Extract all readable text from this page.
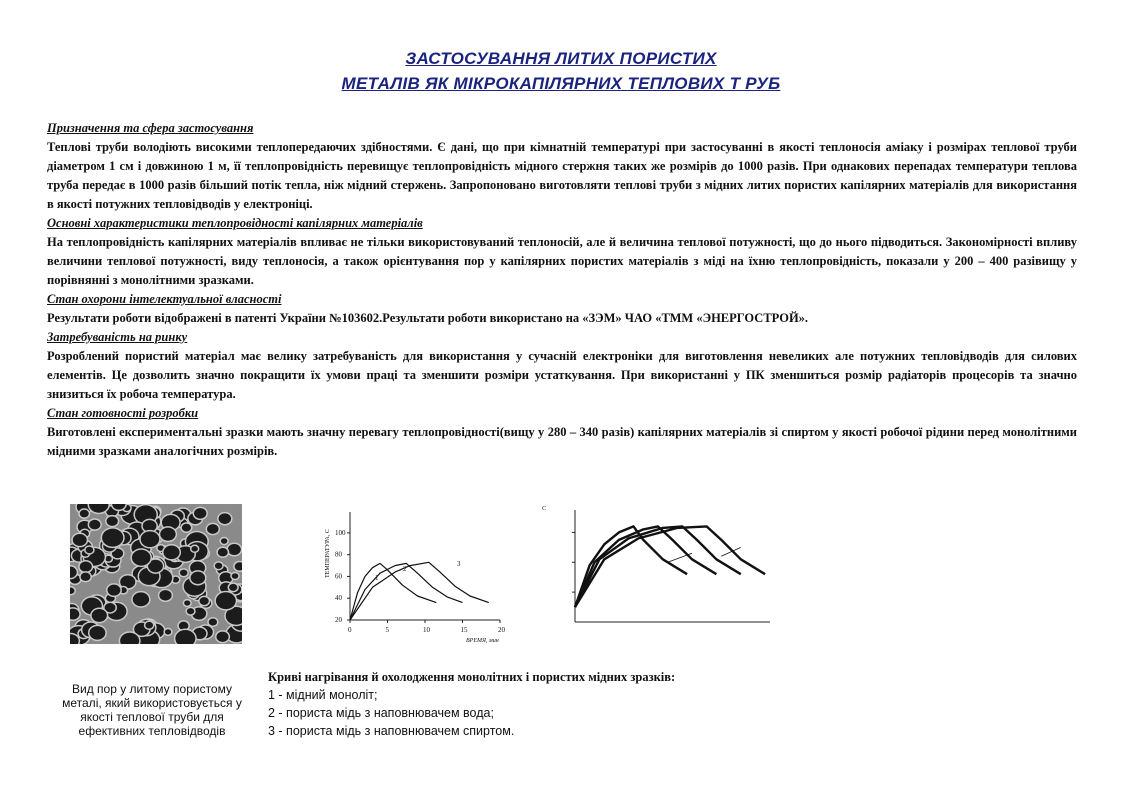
ЗАСТОСУВАННЯ ЛИТИХ ПОРИСТИХ
МЕТАЛІВ ЯК МІКРОКАПІЛЯРНИХ ТЕПЛОВИХ Т РУБ
Призначення та сфера застосування

Теплові труби володіють високими теплопередаючих здібностями. Є дані, що при кімнатній температурі при застосуванні в якості теплоносія аміаку і розмірах теплової труби діаметром 1 см і довжиною 1 м, її теплопровідність перевищує теплопровідність мідного стержня таких же розмірів до 1000 разів. При однакових перепадах температури теплова труба передає в 1000 разів більший потік тепла, ніж мідний стержень. Запропоновано виготовляти теплові труби з мідних литих пористих капілярних матеріалів для використання в якості потужних тепловідводів у електроніці.

Основні характеристики теплопровідності капілярних матеріалів

На теплопровідність капілярних матеріалів впливає не тільки використовуваний теплоносій, але й величина теплової потужності, що до нього підводиться. Закономірності впливу величини теплової потужності, виду теплоносія, а також орієнтування пор у капілярних пористих матеріалів з міді на їхню теплопровідність, показали у 200 – 400 разівищу у порівнянні з монолітними зразками.

Стан охорони інтелектуальної власності

Результати роботи відображені в патенті України №103602.Результати роботи використано на «ЗЭМ» ЧАО «ТММ «ЭНЕРГОСТРОЙ».

Затребуваність на ринку

Розроблений пористий матеріал має велику затребуваність для використання у сучасній електроніки для виготовлення невеликих але потужних тепловідводів для силових елементів. Це дозволить значно покращити їх умови праці та зменшити розміри устаткування. При використанні у ПК зменшиться розмір радіаторів процесорів та значно знизиться їх робоча температура.

Стан готовності розробки

Виготовлені експериментальні зразки мають значну перевагу теплопровідності(вищу у 280 – 340 разів) капілярних матеріалів зі спиртом у якості робочої рідини перед монолітними мідними зразками аналогічних розмірів.

Вид пор у литому пористому металі, який використовується у якості теплової труби для ефективних тепловідводів
0	5	10	15	20
20
40
60
80
100
ВРЕМЯ, мин
ТЕМПЕРАТУРА, С	1
2
3
С
Криві нагрівання й охолодження монолітних і пористих мідних зразків:
1 - мідний моноліт;
2 - пориста мідь з наповнювачем вода;
3 - пориста мідь з наповнювачем спиртом.
